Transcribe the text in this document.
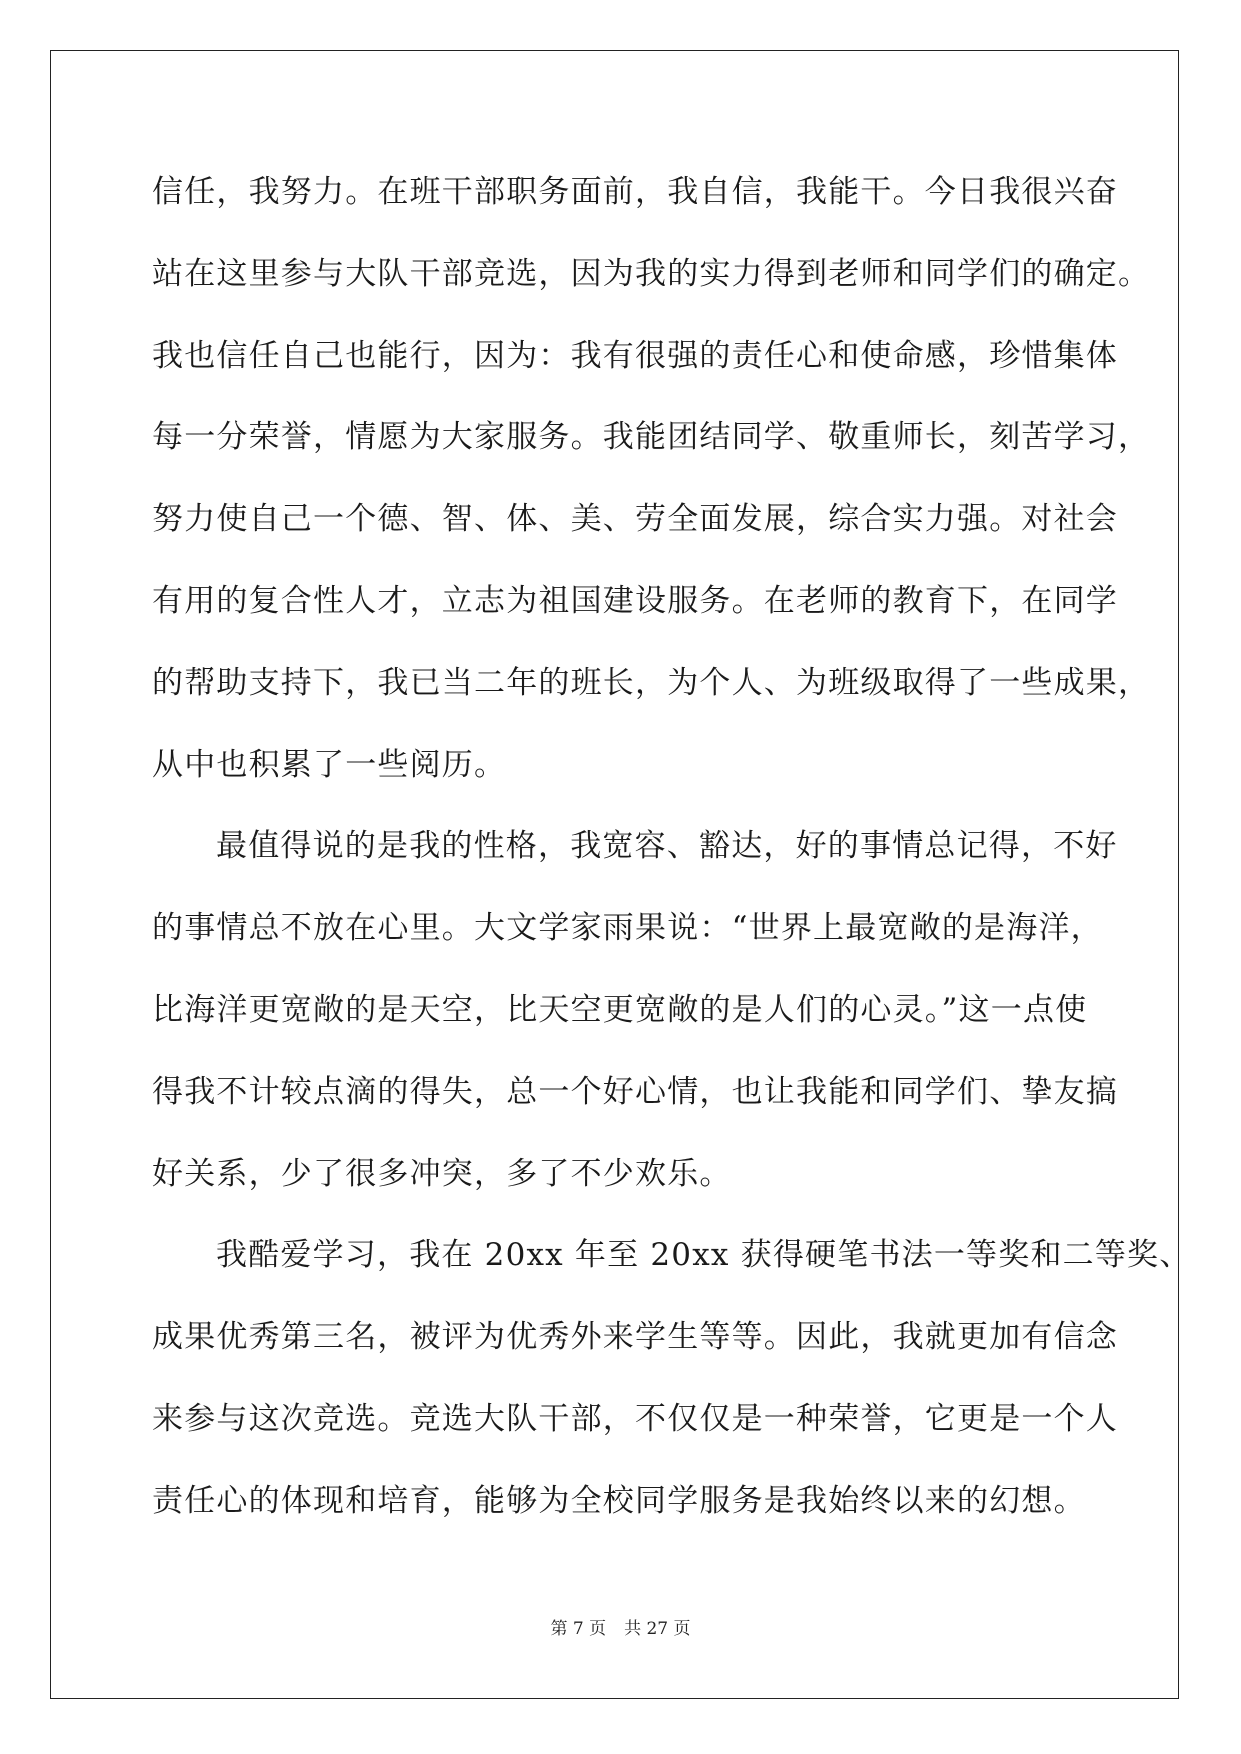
信任，我努力。在班干部职务面前，我自信，我能干。今日我很兴奋
站在这里参与大队干部竞选，因为我的实力得到老师和同学们的确定。
我也信任自己也能行，因为：我有很强的责任心和使命感，珍惜集体
每一分荣誉，情愿为大家服务。我能团结同学、敬重师长，刻苦学习，
努力使自己一个德、智、体、美、劳全面发展，综合实力强。对社会
有用的复合性人才，立志为祖国建设服务。在老师的教育下，在同学
的帮助支持下，我已当二年的班长，为个人、为班级取得了一些成果，
从中也积累了一些阅历。
最值得说的是我的性格，我宽容、豁达，好的事情总记得，不好
的事情总不放在心里。大文学家雨果说：“世界上最宽敞的是海洋，
比海洋更宽敞的是天空，比天空更宽敞的是人们的心灵。”这一点使
得我不计较点滴的得失，总一个好心情，也让我能和同学们、挚友搞
好关系，少了很多冲突，多了不少欢乐。
我酷爱学习，我在 20xx 年至 20xx 获得硬笔书法一等奖和二等奖、
成果优秀第三名，被评为优秀外来学生等等。因此，我就更加有信念
来参与这次竞选。竞选大队干部，不仅仅是一种荣誉，它更是一个人
责任心的体现和培育，能够为全校同学服务是我始终以来的幻想。
第 7 页 共 27 页
